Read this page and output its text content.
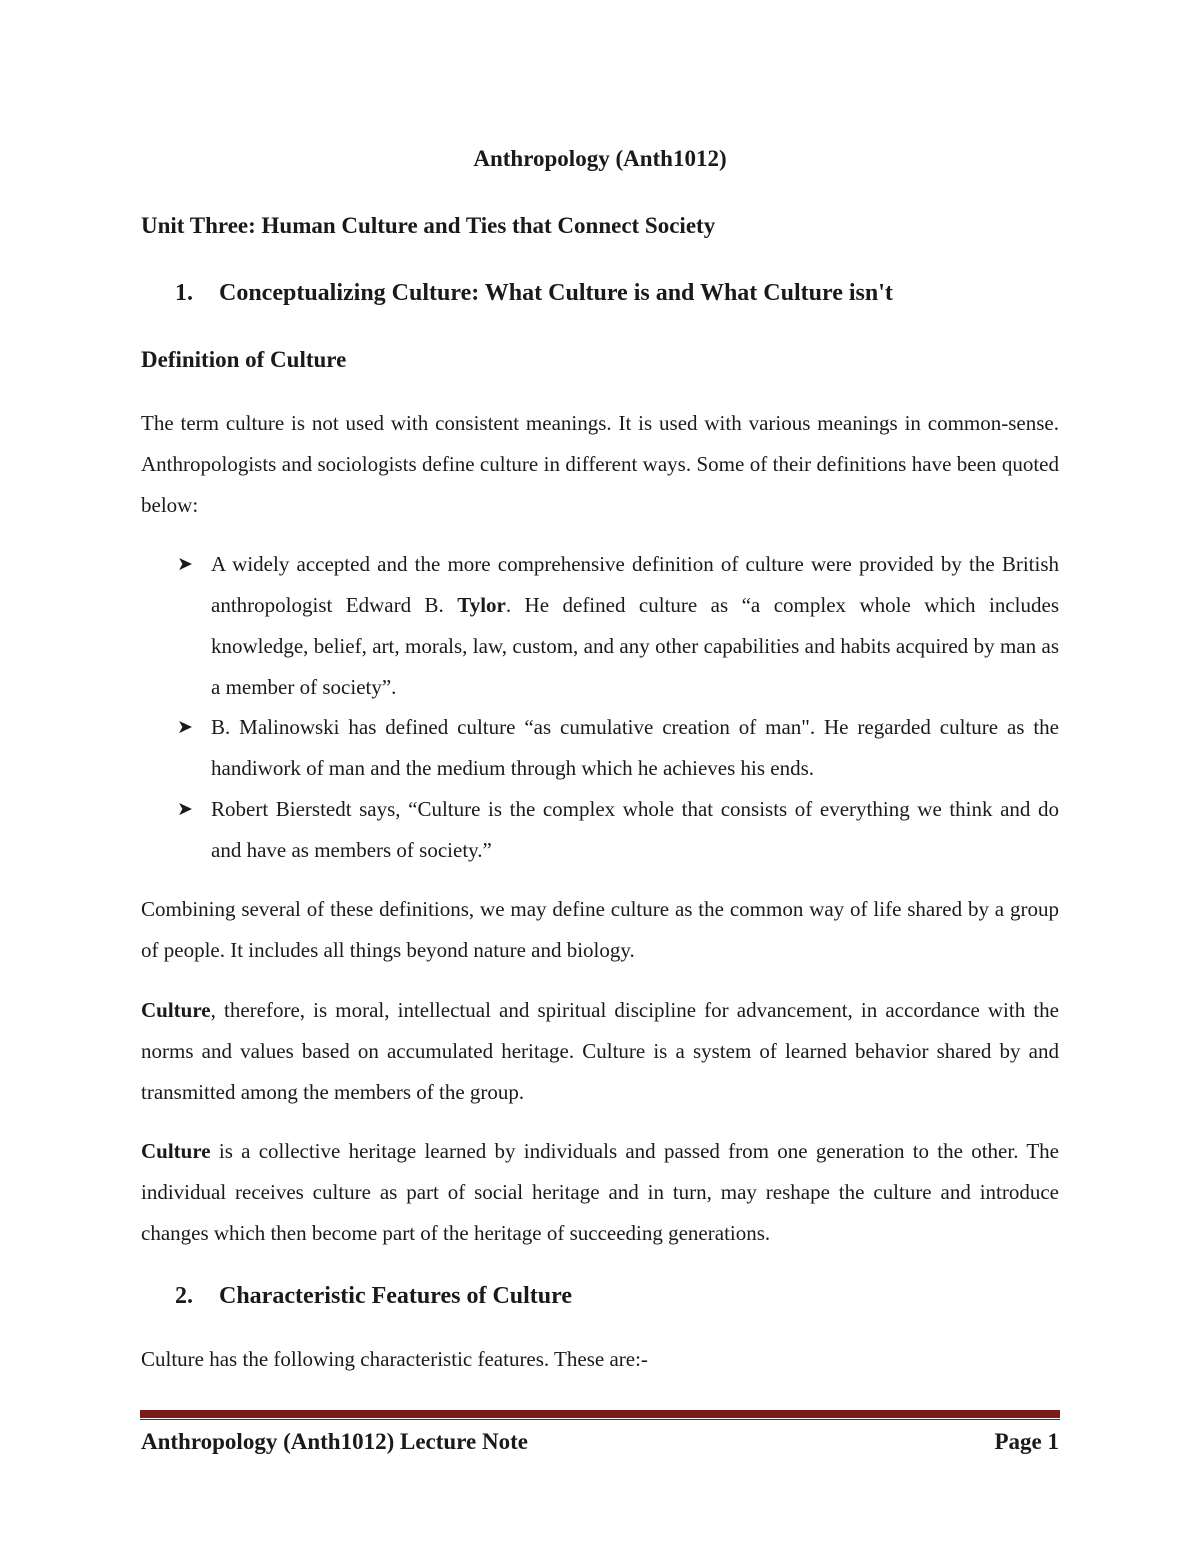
Anthropology (Anth1012)

Unit Three: Human Culture and Ties that Connect Society

1. Conceptualizing Culture: What Culture is and What Culture isn't

Definition of Culture

The term culture is not used with consistent meanings. It is used with various meanings in common-sense. Anthropologists and sociologists define culture in different ways. Some of their definitions have been quoted below:

➤ A widely accepted and the more comprehensive definition of culture were provided by the British anthropologist Edward B. Tylor. He defined culture as “a complex whole which includes knowledge, belief, art, morals, law, custom, and any other capabilities and habits acquired by man as a member of society”.

➤ B. Malinowski has defined culture “as cumulative creation of man". He regarded culture as the handiwork of man and the medium through which he achieves his ends.

➤ Robert Bierstedt says, “Culture is the complex whole that consists of everything we think and do and have as members of society.”

Combining several of these definitions, we may define culture as the common way of life shared by a group of people. It includes all things beyond nature and biology.

Culture, therefore, is moral, intellectual and spiritual discipline for advancement, in accordance with the norms and values based on accumulated heritage. Culture is a system of learned behavior shared by and transmitted among the members of the group.

Culture is a collective heritage learned by individuals and passed from one generation to the other. The individual receives culture as part of social heritage and in turn, may reshape the culture and introduce changes which then become part of the heritage of succeeding generations.

2. Characteristic Features of Culture

Culture has the following characteristic features. These are:-

Anthropology (Anth1012) Lecture Note	Page 1
